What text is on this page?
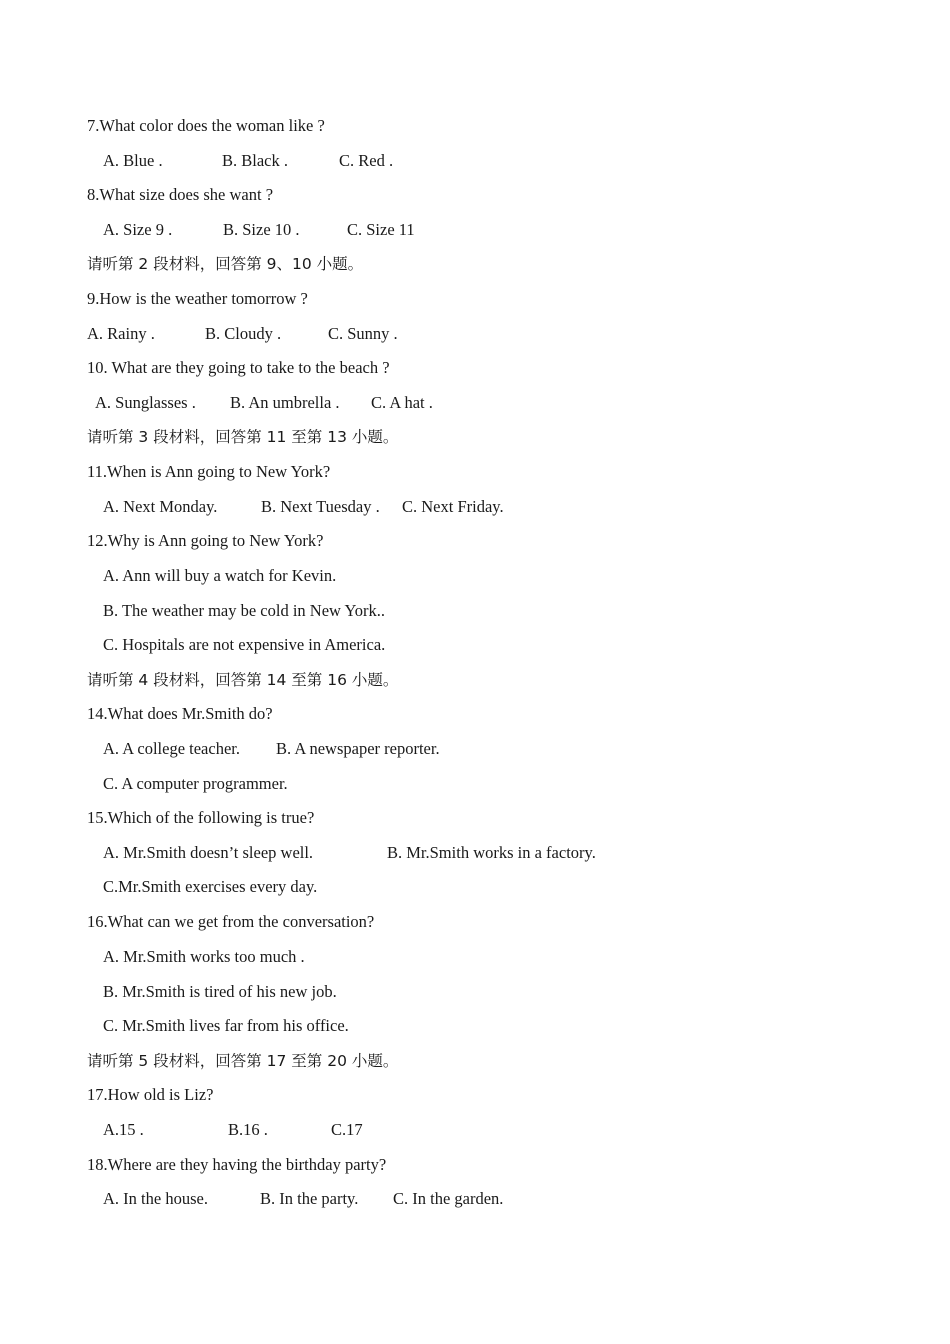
7.What color does the woman like ?

A. Blue .

	B. Black .

	C. Red .

8.What size does she want ?

A. Size 9 .

	B. Size 10 .

	C. Size 11

请听第 2 段材料，回答第 9、10 小题。
9.How is the weather tomorrow ?

A. Rainy .

	B. Cloudy .

	C. Sunny .

10. What are they going to take to the beach ?

A. Sunglasses .

B. An umbrella .

C. A hat .

请听第 3 段材料，回答第 11 至第 13 小题。
11.When is Ann going to New York?

A. Next Monday.

	B. Next Tuesday .

C. Next Friday.

12.Why is Ann going to New York?
A. Ann will buy a watch for Kevin.
B. The weather may be cold in New York..
C. Hospitals are not expensive in America.
请听第 4 段材料，回答第 14 至第 16 小题。
14.What does Mr.Smith do?

A. A college teacher.

B. A newspaper reporter.

C. A computer programmer.
15.Which of the following is true?

A. Mr.Smith doesn’t sleep well.

	B. Mr.Smith works in a factory.

C.Mr.Smith exercises every day.
16.What can we get from the conversation?
A. Mr.Smith works too much .
B. Mr.Smith is tired of his new job.
C. Mr.Smith lives far from his office.
请听第 5 段材料，回答第 17 至第 20 小题。
17.How old is Liz?

A.15 .

	B.16 .

	C.17

18.Where are they having the birthday party?

A. In the house.

	B. In the party.

C. In the garden.
